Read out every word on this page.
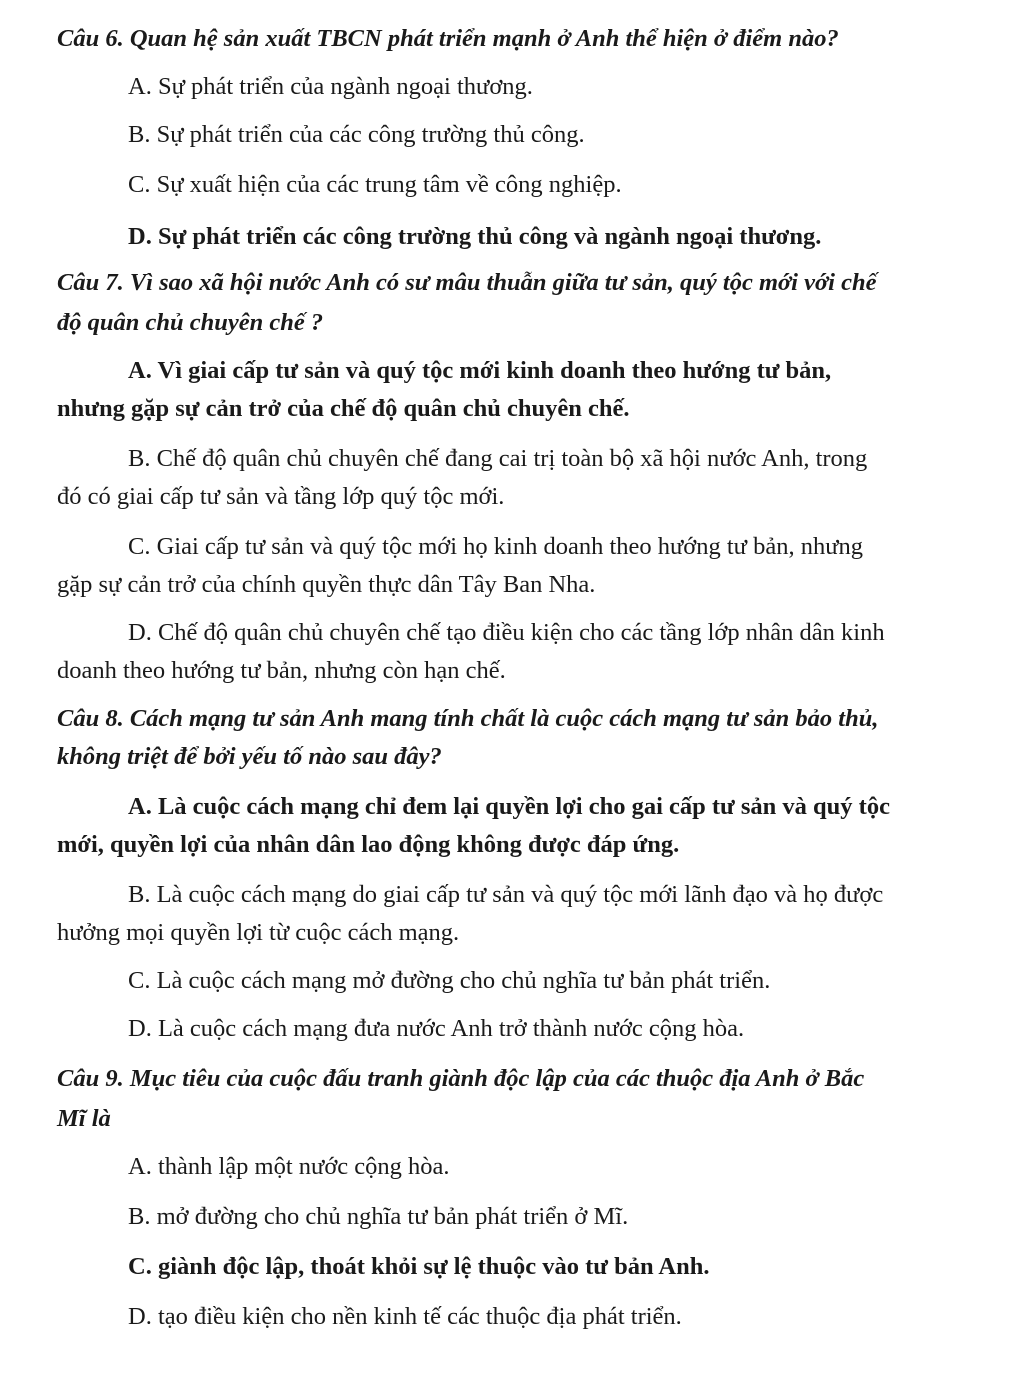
Câu 6. Quan hệ sản xuất TBCN phát triển mạnh ở Anh thể hiện ở điểm nào?
A. Sự phát triển của ngành ngoại thương.
B. Sự phát triển của các công trường thủ công.
C. Sự xuất hiện của các trung tâm về công nghiệp.
D. Sự phát triển các công trường thủ công và ngành ngoại thương.
Câu 7. Vì sao xã hội nước Anh có sư mâu thuẫn giữa tư sản, quý tộc mới với chế
độ quân chủ chuyên chế ?
A. Vì giai cấp tư sản và quý tộc mới kinh doanh theo hướng tư bản,
nhưng gặp sự cản trở của chế độ quân chủ chuyên chế.
B. Chế độ quân chủ chuyên chế đang cai trị toàn bộ xã hội nước Anh, trong
đó có giai cấp tư sản và tầng lớp quý tộc mới.
C. Giai cấp tư sản và quý tộc mới họ kinh doanh theo hướng tư bản, nhưng
gặp sự cản trở của chính quyền thực dân Tây Ban Nha.
D. Chế độ quân chủ chuyên chế tạo điều kiện cho các tầng lớp nhân dân kinh
doanh theo hướng tư bản, nhưng còn hạn chế.
Câu 8. Cách mạng tư sản Anh mang tính chất là cuộc cách mạng tư sản bảo thủ,
không triệt để bởi yếu tố nào sau đây?
A. Là cuộc cách mạng chỉ đem lại quyền lợi cho gai cấp tư sản và quý tộc
mới, quyền lợi của nhân dân lao động không được đáp ứng.
B. Là cuộc cách mạng do giai cấp tư sản và quý tộc mới lãnh đạo và họ được
hưởng mọi quyền lợi từ cuộc cách mạng.
C. Là cuộc cách mạng mở đường cho chủ nghĩa tư bản phát triển.
D. Là cuộc cách mạng đưa nước Anh trở thành nước cộng hòa.
Câu 9. Mục tiêu của cuộc đấu tranh giành độc lập của các thuộc địa Anh ở Bắc
Mĩ là
A. thành lập một nước cộng hòa.
B. mở đường cho chủ nghĩa tư bản phát triển ở Mĩ.
C. giành độc lập, thoát khỏi sự lệ thuộc vào tư bản Anh.
D. tạo điều kiện cho nền kinh tế các thuộc địa phát triển.
